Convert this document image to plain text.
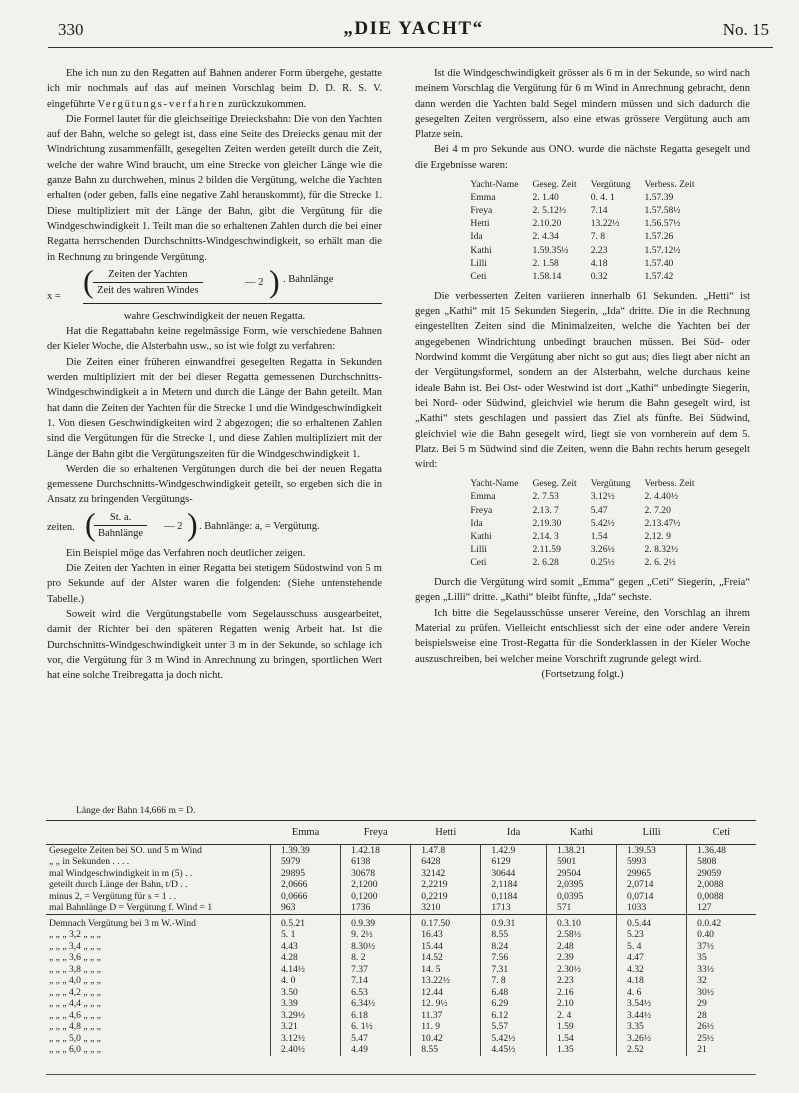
330	„DIE YACHT“	No. 15

Ehe ich nun zu den Regatten auf Bahnen anderer Form übergehe, gestatte ich mir nochmals auf das auf meinen Vorschlag beim D. D. R. S. V. eingeführte Vergütungs-verfahren zurückzukommen.

Die Formel lautet für die gleichseitige Dreiecksbahn: Die von den Yachten auf der Bahn, welche so gelegt ist, dass eine Seite des Dreiecks genau mit der Windrichtung zusammenfällt, gesegelten Zeiten werden geteilt durch die Zeit, welche der wahre Wind braucht, um eine Strecke von gleicher Länge wie die ganze Bahn zu durchwehen, minus 2 bilden die Vergütung, welche die Yachten erhalten (oder geben, falls eine negative Zahl herauskommt), für die Strecke 1. Diese multipliziert mit der Länge der Bahn, gibt die Vergütung für die Windgeschwindigkeit 1. Teilt man die so erhaltenen Zahlen durch die bei einer Regatta herrschenden Durchschnitts-Windgeschwindigkeit, so erhält man die in Rechnung zu bringende Vergütung.

x = (	Zeiten der Yachten
Zeit des wahren Windes
— 2 ) . Bahnlänge

wahre Geschwindigkeit der neuen Regatta.

Hat die Regattabahn keine regelmässige Form, wie verschiedene Bahnen der Kieler Woche, die Alsterbahn usw., so ist wie folgt zu verfahren:

Die Zeiten einer früheren einwandfrei gesegelten Regatta in Sekunden werden multipliziert mit der bei dieser Regatta gemessenen Durchschnitts-Windgeschwindigkeit a in Metern und durch die Länge der Bahn geteilt. Man hat dann die Zeiten der Yachten für die Strecke 1 und die Windgeschwindigkeit 1. Von diesen Geschwindigkeiten wird 2 abgezogen; die so erhaltenen Zahlen sind die Vergütungen für die Strecke 1, und diese Zahlen multipliziert mit der Länge der Bahn gibt die Vergütungszeiten für die Windgeschwindigkeit 1.

Werden die so erhaltenen Vergütungen durch die bei der neuen Regatta gemessene Durchschnitts-Windgeschwindigkeit geteilt, so ergeben sich die in Ansatz zu bringenden Vergütungs-

zeiten. (	St. a.
Bahnlänge
— 2 ) . Bahnlänge: a, = Vergütung.

Ein Beispiel möge das Verfahren noch deutlicher zeigen.

Die Zeiten der Yachten in einer Regatta bei stetigem Südostwind von 5 m pro Sekunde auf der Alster waren die folgenden: (Siehe untenstehende Tabelle.)

Soweit wird die Vergütungstabelle vom Segelausschuss ausgearbeitet, damit der Richter bei den späteren Regatten wenig Arbeit hat. Ist die Durchschnitts-Windgeschwindigkeit unter 3 m in der Sekunde, so schlage ich vor, die Vergütung für 3 m Wind in Anrechnung zu bringen, sportlichen Wert hat eine solche Treibregatta ja doch nicht.

Ist die Windgeschwindigkeit grösser als 6 m in der Sekunde, so wird nach meinem Vorschlag die Vergütung für 6 m Wind in Anrechnung gebracht, denn dann werden die Yachten bald Segel mindern müssen und sich dadurch die gesegelten Zeiten vergrössern, also eine etwas grössere Vergütung auch am Platze sein.

Bei 4 m pro Sekunde aus ONO. wurde die nächste Regatta gesegelt und die Ergebnisse waren:

Yacht-Name	Geseg. Zeit	Vergütung	Verbess. Zeit
Emma	2. 1.40	0. 4. 1	1.57.39
Freya	2. 5.12½	7.14	1.57.58½
Hetti	2.10.20	13.22½	1.56.57½
Ida	2. 4.34	7. 8	1.57.26
Kathi	1.59.35½	2.23	1.57.12½
Lilli	2. 1.58	4.18	1.57.40
Ceti	1.58.14	0.32	1.57.42

Die verbesserten Zeiten variieren innerhalb 61 Sekunden. „Hetti“ ist gegen „Kathi“ mit 15 Sekunden Siegerin, „Ida“ dritte. Die in die Rechnung eingestellten Zeiten sind die Minimalzeiten, welche die Yachten bei der angegebenen Windrichtung unbedingt brauchen müssen. Bei Süd- oder Nordwind kommt die Vergütung aber nicht so gut aus; dies liegt aber nicht an der Vergütungsformel, sondern an der Alsterbahn, welche durchaus keine ideale Bahn ist. Bei Ost- oder Westwind ist dort „Kathi“ unbedingte Siegerin, bei Nord- oder Südwind, gleichviel wie herum die Bahn gesegelt wird, ist „Kathi“ stets geschlagen und passiert das Ziel als fünfte. Bei Südwind, gleichviel wie die Bahn gesegelt wird, liegt sie von vornherein auf dem 5. Platz. Bei 5 m Südwind sind die Zeiten, wenn die Bahn rechts herum gesegelt wird:

Yacht-Name	Geseg. Zeit	Vergütung	Verbess. Zeit
Emma	2. 7.53	3.12½	2. 4.40½
Freya	2.13. 7	5.47	2. 7.20
Ida	2.19.30	5.42½	2.13.47½
Kathi	2.14. 3	1.54	2.12. 9
Lilli	2.11.59	3.26½	2. 8.32½
Ceti	2. 6.28	0.25½	2. 6. 2½

Durch die Vergütung wird somit „Emma“ gegen „Ceti“ Siegerin, „Freia“ gegen „Lilli“ dritte. „Kathi“ bleibt fünfte, „Ida“ sechste.

Ich bitte die Segelausschüsse unserer Vereine, den Vorschlag an ihrem Material zu prüfen. Vielleicht entschliesst sich der eine oder andere Verein beispielsweise eine Trost-Regatta für die Sonderklassen in der Kieler Woche auszuschreiben, bei welcher meine Vorschrift zugrunde gelegt wird.

(Fortsetzung folgt.)

Länge der Bahn 14,666 m = D.
	Emma	Freya	Hetti	Ida	Kathi	Lilli	Ceti
Gesegelte Zeiten bei SO. und 5 m Wind	1.39.39	1.42.18	1.47.8	1.42.9	1.38.21	1.39.53	1.36.48
„ „ in Sekunden . . . .	5979	6138	6428	6129	5901	5993	5808
mal Windgeschwindigkeit in m (5) . .	29895	30678	32142	30644	29504	29965	29059
geteilt durch Länge der Bahn, t/D . .	2,0666	2,1200	2,2219	2,1184	2,0395	2,0714	2,0088
minus 2, = Vergütung für s = 1 . .	0,0666	0,1200	0,2219	0,1184	0,0395	0,0714	0,0088
mal Bahnlänge D = Vergütung f. Wind = 1	963	1736	3210	1713	571	1033	127
Demnach Vergütung bei 3 m W.-Wind	0.5.21	0.9.39	0.17.50	0.9.31	0.3.10	0.5.44	0.0.42
„ „ „ 3,2 „ „ „	5. 1	9. 2½	16.43	8.55	2.58½	5.23	0.40
„ „ „ 3,4 „ „ „	4.43	8.30½	15.44	8.24	2.48	5. 4	37½
„ „ „ 3,6 „ „ „	4.28	8. 2	14.52	7.56	2.39	4.47	35
„ „ „ 3,8 „ „ „	4.14½	7.37	14. 5	7.31	2.30½	4.32	33½
„ „ „ 4,0 „ „ „	4. 0	7.14	13.22½	7. 8	2.23	4.18	32
„ „ „ 4,2 „ „ „	3.50	6.53	12.44	6.48	2.16	4. 6	30½
„ „ „ 4,4 „ „ „	3.39	6.34½	12. 9½	6.29	2.10	3.54½	29
„ „ „ 4,6 „ „ „	3.29½	6.18	11.37	6.12	2. 4	3.44½	28
„ „ „ 4,8 „ „ „	3.21	6. 1½	11. 9	5.57	1.59	3.35	26½
„ „ „ 5,0 „ „ „	3.12½	5.47	10.42	5.42½	1.54	3.26½	25½
„ „ „ 6,0 „ „ „	2.40½	4.49	8.55	4.45½	1.35	2.52	21
